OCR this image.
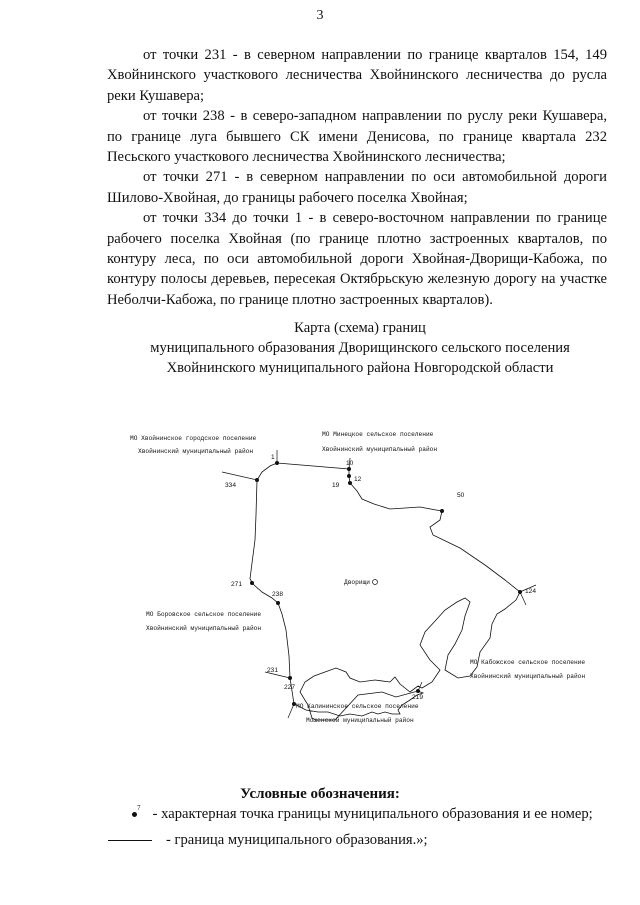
3

от точки 231 - в северном направлении по границе кварталов 154, 149 Хвойнинского участкового лесничества Хвойнинского лесничества до русла реки Кушавера;

от точки 238 - в северо-западном направлении по руслу реки Кушавера, по границе луга бывшего СК имени Денисова, по границе квартала 232 Песьского участкового лесничества Хвойнинского лесничества;

от точки 271 - в северном направлении по оси автомобильной дороги Шилово-Хвойная, до границы рабочего поселка Хвойная;

от точки 334 до точки 1 - в северо-восточном направлении по границе рабочего поселка Хвойная (по границе плотно застроенных кварталов, по контуру леса, по оси автомобильной дороги Хвойная-Дворищи-Кабожа, по контуру полосы деревьев, пересекая Октябрьскую железную дорогу на участке Неболчи-Кабожа, по границе плотно застроенных кварталов).

Карта (схема) границ
муниципального образования Дворищинского сельского поселения
Хвойнинского муниципального района Новгородской области
Дворищи
1
10
12
19
50
124
219
227
231
238
271
334
МО Хвойнинское городское поселение
Хвойнинский муниципальный район
МО Минецкое сельское поселение
Хвойнинский муниципальный район
МО Боровское сельское поселение
Хвойнинский муниципальный район
МО Кабожское сельское поселение
Хвойнинский муниципальный район
МО Калининское сельское поселение
Мошенской муниципальный район
Условные обозначения:
7 - характерная точка границы муниципального образования и ее номер;
- граница муниципального образования.»;
